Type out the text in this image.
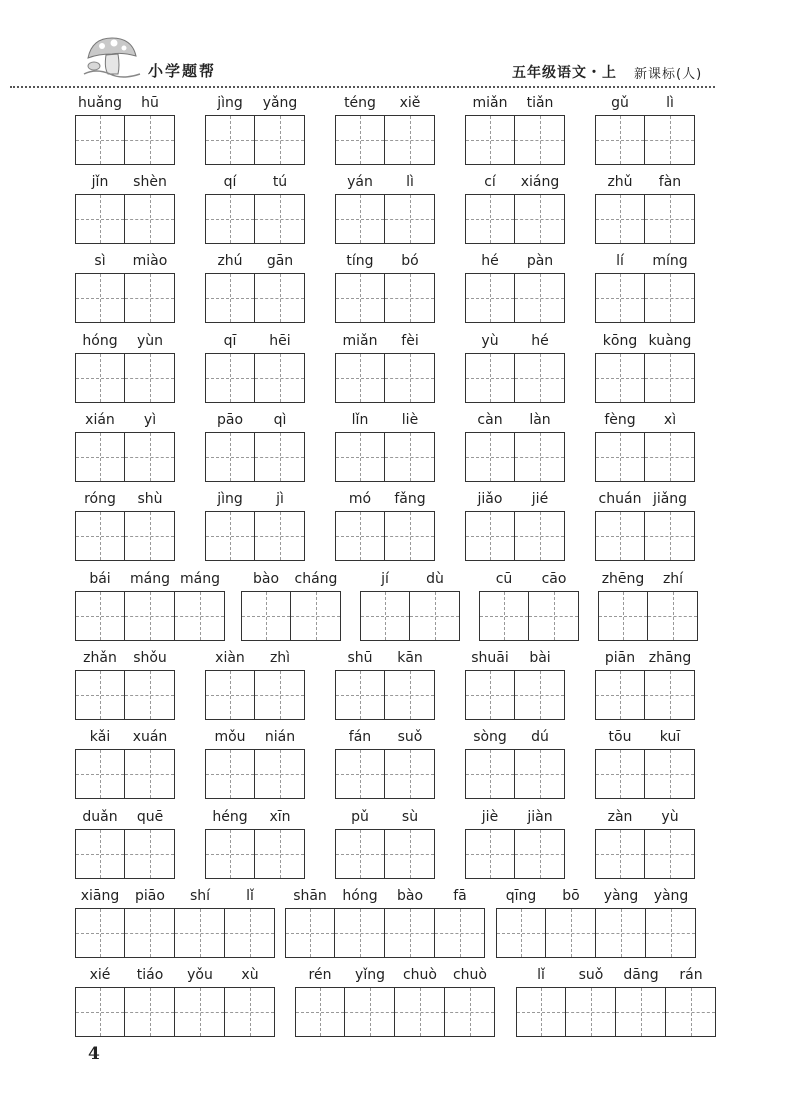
小学题帮	五年级语文・上 新课标(人)
huǎng	hū	jìng	yǎng	téng	xiě	miǎn	tiǎn	gǔ	lì
jǐn	shèn	qí	tú	yán	lì	cí	xiáng	zhǔ	fàn
sì	miào	zhú	gān	tíng	bó	hé	pàn	lí	míng
hóng	yùn	qī	hēi	miǎn	fèi	yù	hé	kōng kuàng
xián	yì	pāo	qì	lǐn	liè	càn	làn	fèng	xì
róng	shù	jìng	jì	mó	fǎng	jiǎo	jié	chuán jiǎng
bái	máng máng	bào	cháng	jí	dù	cū	cāo	zhēng	zhí
zhǎn	shǒu	xiàn	zhì	shū	kān	shuāi	bài	piān zhāng
kǎi	xuán	mǒu	nián	fán	suǒ	sòng	dú	tōu	kuī
duǎn	quē	héng	xīn	pǔ	sù	jiè	jiàn	zàn	yù
xiāng	piāo	shí	lǐ	shān	hóng	bào	fā	qīng	bō	yàng	yàng
xié	tiáo	yǒu	xù	rén	yǐng	chuò	chuò	lǐ	suǒ	dāng	rán
4
